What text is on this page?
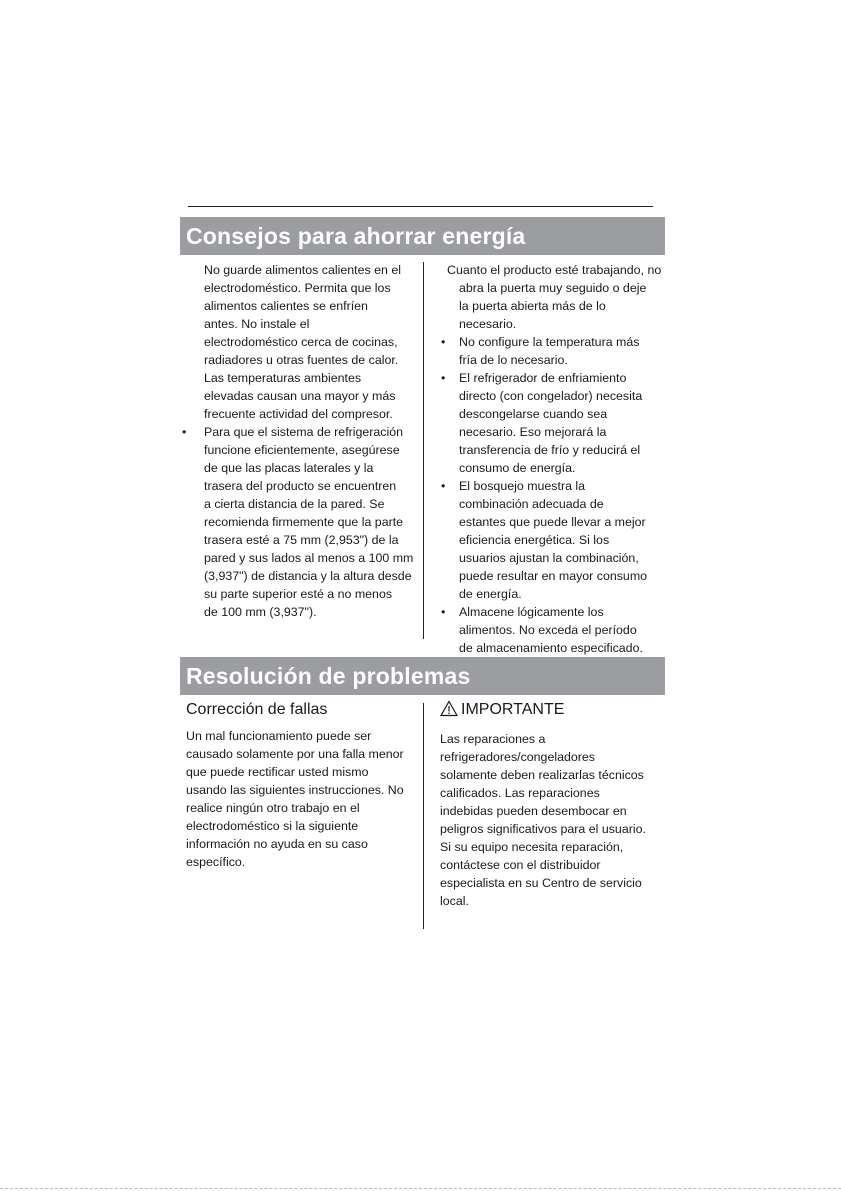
Consejos para ahorrar energía

No guarde alimentos calientes en el
electrodoméstico. Permita que los
alimentos calientes se enfríen
antes. No instale el
electrodoméstico cerca de cocinas,
radiadores u otras fuentes de calor.
Las temperaturas ambientes
elevadas causan una mayor y más
frecuente actividad del compresor.

• Para que el sistema de refrigeración
funcione eficientemente, asegúrese
de que las placas laterales y la
trasera del producto se encuentren
a cierta distancia de la pared. Se
recomienda firmemente que la parte
trasera esté a 75 mm (2,953") de la
pared y sus lados al menos a 100 mm
(3,937") de distancia y la altura desde
su parte superior esté a no menos
de 100 mm (3,937").

Cuanto el producto esté trabajando, no
abra la puerta muy seguido o deje
la puerta abierta más de lo
necesario.

• No configure la temperatura más
fría de lo necesario.

• El refrigerador de enfriamiento
directo (con congelador) necesita
descongelarse cuando sea
necesario. Eso mejorará la
transferencia de frío y reducirá el
consumo de energía.

• El bosquejo muestra la
combinación adecuada de
estantes que puede llevar a mejor
eficiencia energética. Si los
usuarios ajustan la combinación,
puede resultar en mayor consumo
de energía.

• Almacene lógicamente los
alimentos. No exceda el período
de almacenamiento especificado.

Resolución de problemas
Corrección de fallas

Un mal funcionamiento puede ser
causado solamente por una falla menor
que puede rectificar usted mismo
usando las siguientes instrucciones. No
realice ningún otro trabajo en el
electrodoméstico si la siguiente
información no ayuda en su caso
específico.

IMPORTANTE

Las reparaciones a
refrigeradores/congeladores
solamente deben realizarlas técnicos
calificados. Las reparaciones
indebidas pueden desembocar en
peligros significativos para el usuario.
Si su equipo necesita reparación,
contáctese con el distribuidor
especialista en su Centro de servicio
local.
